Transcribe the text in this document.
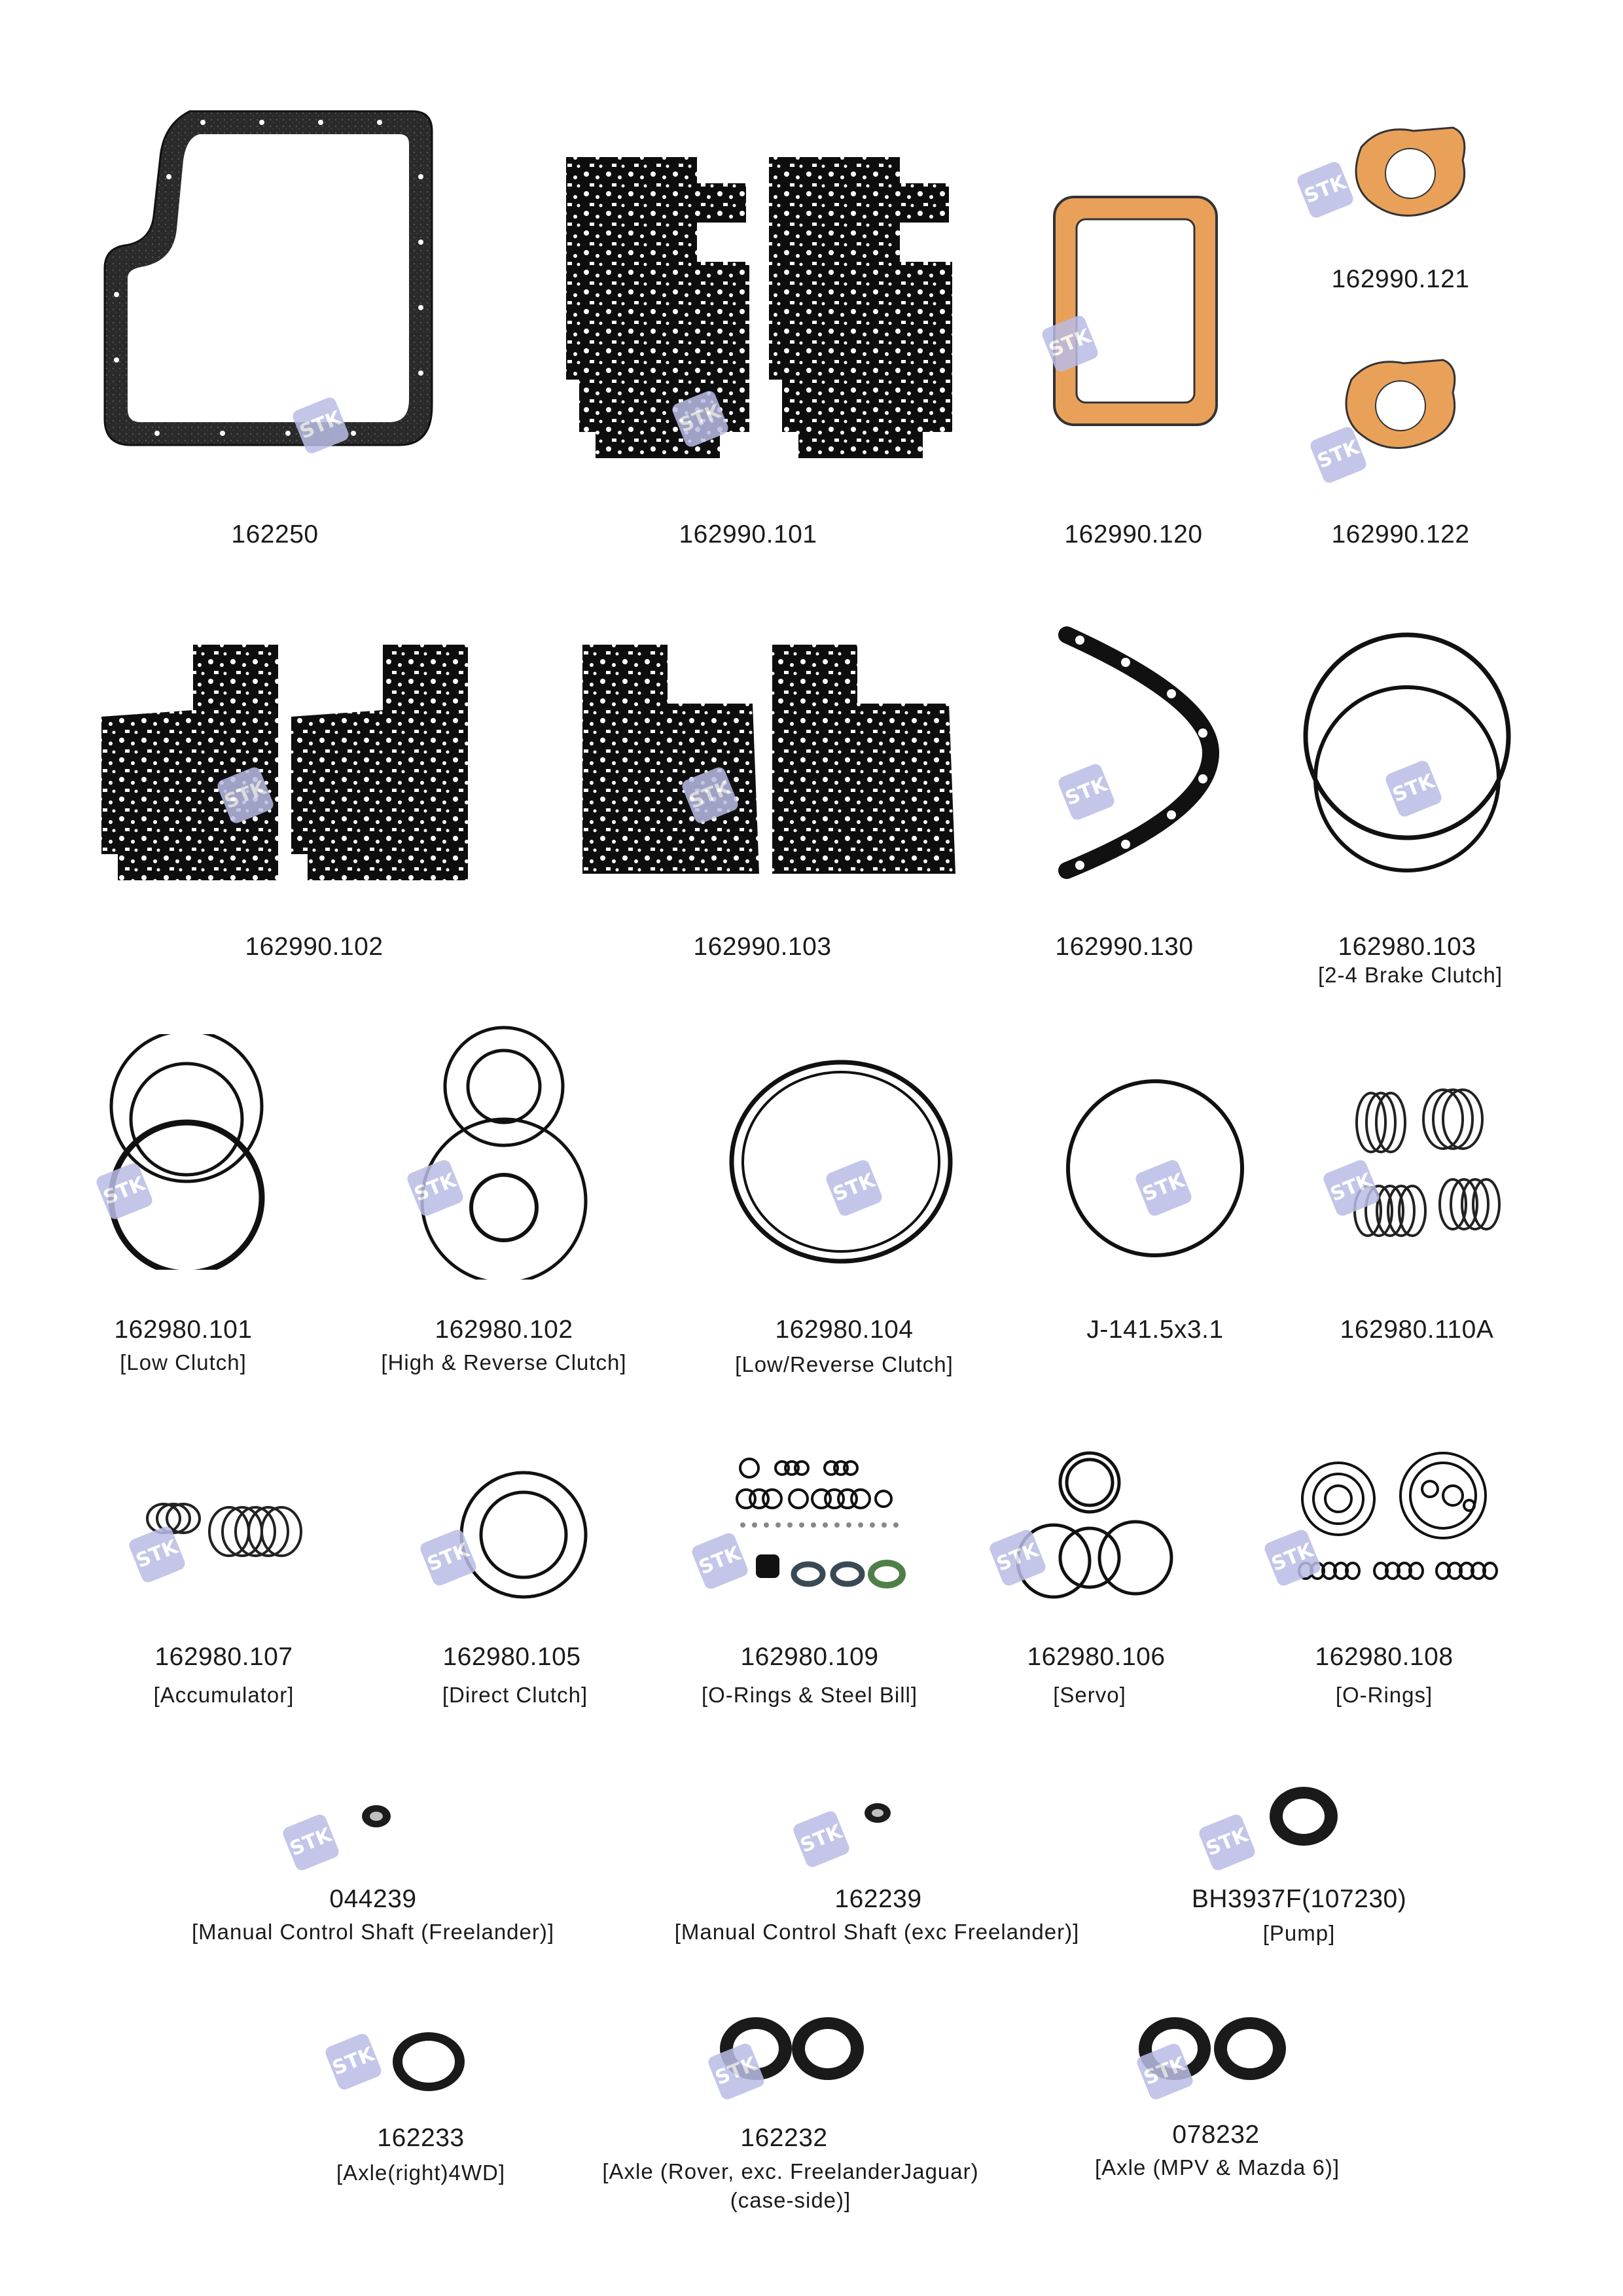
STK
162250
STK
162990.101
STK
162990.120
STK
162990.121
STK
162990.122
STK
162990.102
STK
162990.103
STK
162990.130
STK
162980.103
[2-4 Brake Clutch]
STK
162980.101
[Low Clutch]
STK
162980.102
[High & Reverse Clutch]
STK
162980.104
[Low/Reverse Clutch]
STK
J-141.5x3.1
STK
162980.110A
STK
162980.107
[Accumulator]
STK
162980.105
[Direct Clutch]
STK
162980.109
[O-Rings & Steel Bill]
STK
162980.106
[Servo]
STK
162980.108
[O-Rings]
STK
044239
[Manual Control Shaft (Freelander)]
STK
162239
[Manual Control Shaft (exc Freelander)]
STK
BH3937F(107230)
[Pump]
STK
162233
[Axle(right)4WD]
STK
162232
[Axle (Rover, exc. FreelanderJaguar)
(case-side)]
STK
078232
[Axle (MPV & Mazda 6)]
